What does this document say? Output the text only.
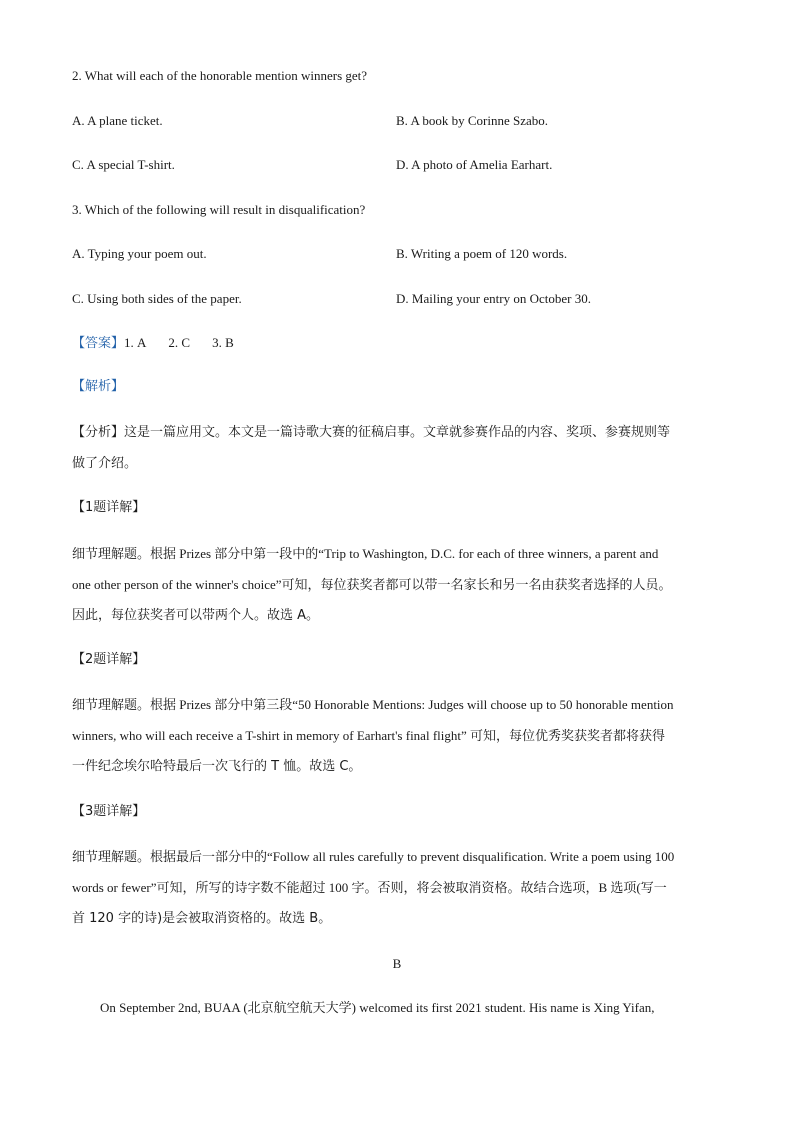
2. What will each of the honorable mention winners get?
A. A plane ticket.	B. A book by Corinne Szabo.
C. A special T-shirt.	D. A photo of Amelia Earhart.
3. Which of the following will result in disqualification?
A. Typing your poem out.	B. Writing a poem of 120 words.
C. Using both sides of the paper.	D. Mailing your entry on October 30.
【答案】1. A 2. C 3. B
【解析】
【分析】这是一篇应用文。本文是一篇诗歌大赛的征稿启事。文章就参赛作品的内容、奖项、参赛规则等
做了介绍。
【1题详解】
细节理解题。根据 Prizes 部分中第一段中的“Trip to Washington, D.C. for each of three winners, a parent and
one other person of the winner's choice”可知，每位获奖者都可以带一名家长和另一名由获奖者选择的人员。
因此，每位获奖者可以带两个人。故选 A。
【2题详解】
细节理解题。根据 Prizes 部分中第三段“50 Honorable Mentions: Judges will choose up to 50 honorable mention
winners, who will each receive a T-shirt in memory of Earhart's final flight” 可知，每位优秀奖获奖者都将获得
一件纪念埃尔哈特最后一次飞行的 T 恤。故选 C。
【3题详解】
细节理解题。根据最后一部分中的“Follow all rules carefully to prevent disqualification. Write a poem using 100
words or fewer”可知，所写的诗字数不能超过 100 字。否则，将会被取消资格。故结合选项，B 选项(写一
首 120 字的诗)是会被取消资格的。故选 B。
B
On September 2nd, BUAA (北京航空航天大学) welcomed its first 2021 student. His name is Xing Yifan,
